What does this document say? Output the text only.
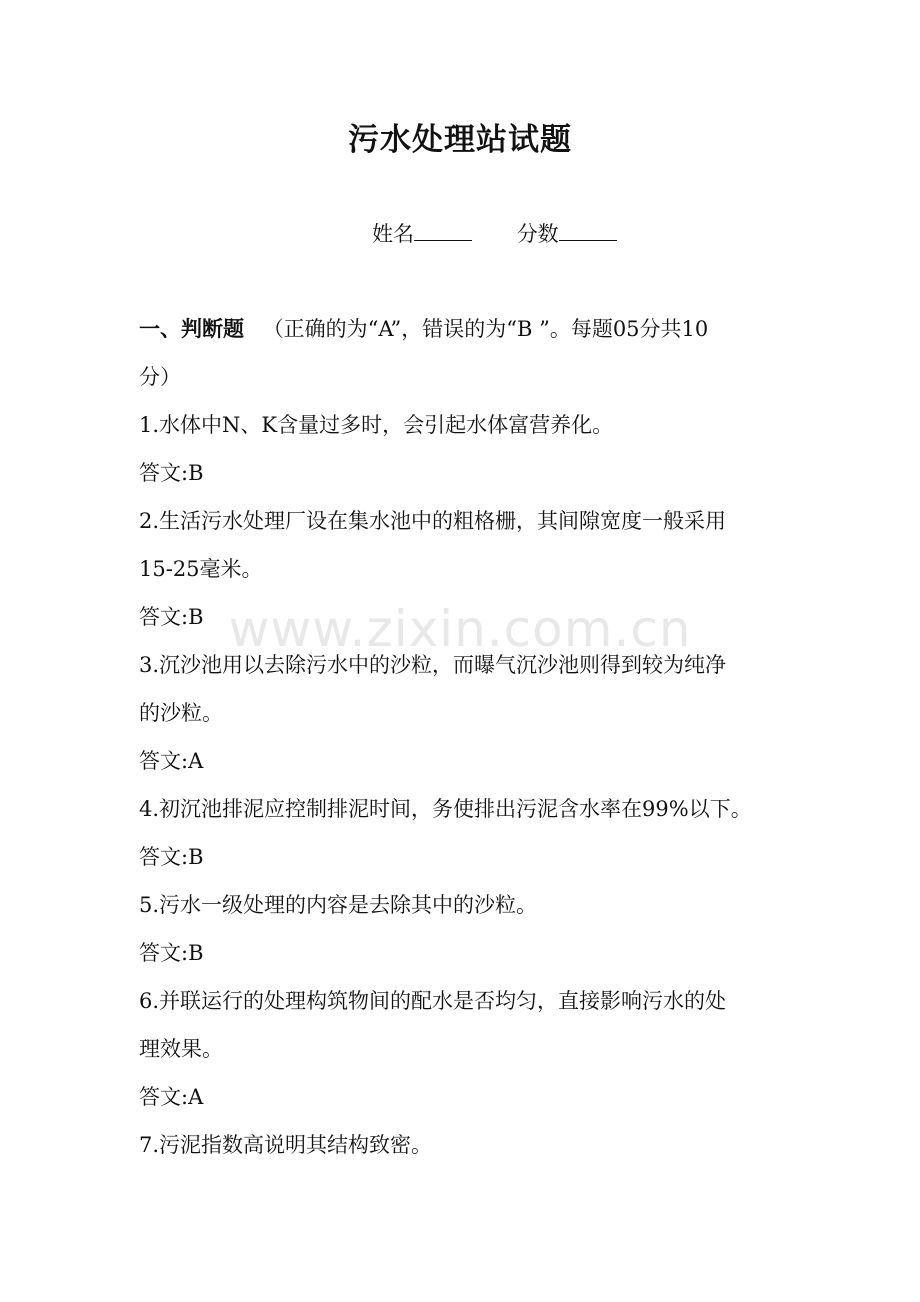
污水处理站试题
姓名	分数
一、判断题 （正确的为“A”，错误的为“B ”。每题05分共10
分）
1.水体中N、K含量过多时，会引起水体富营养化。
答文:B
2.生活污水处理厂设在集水池中的粗格栅，其间隙宽度一般采用
15-25毫米。
答文:B
3.沉沙池用以去除污水中的沙粒，而曝气沉沙池则得到较为纯净
的沙粒。
答文:A
4.初沉池排泥应控制排泥时间，务使排出污泥含水率在99%以下。
答文:B
5.污水一级处理的内容是去除其中的沙粒。
答文:B
6.并联运行的处理构筑物间的配水是否均匀，直接影响污水的处
理效果。
答文:A
7.污泥指数高说明其结构致密。
www.zixin.com.cn
